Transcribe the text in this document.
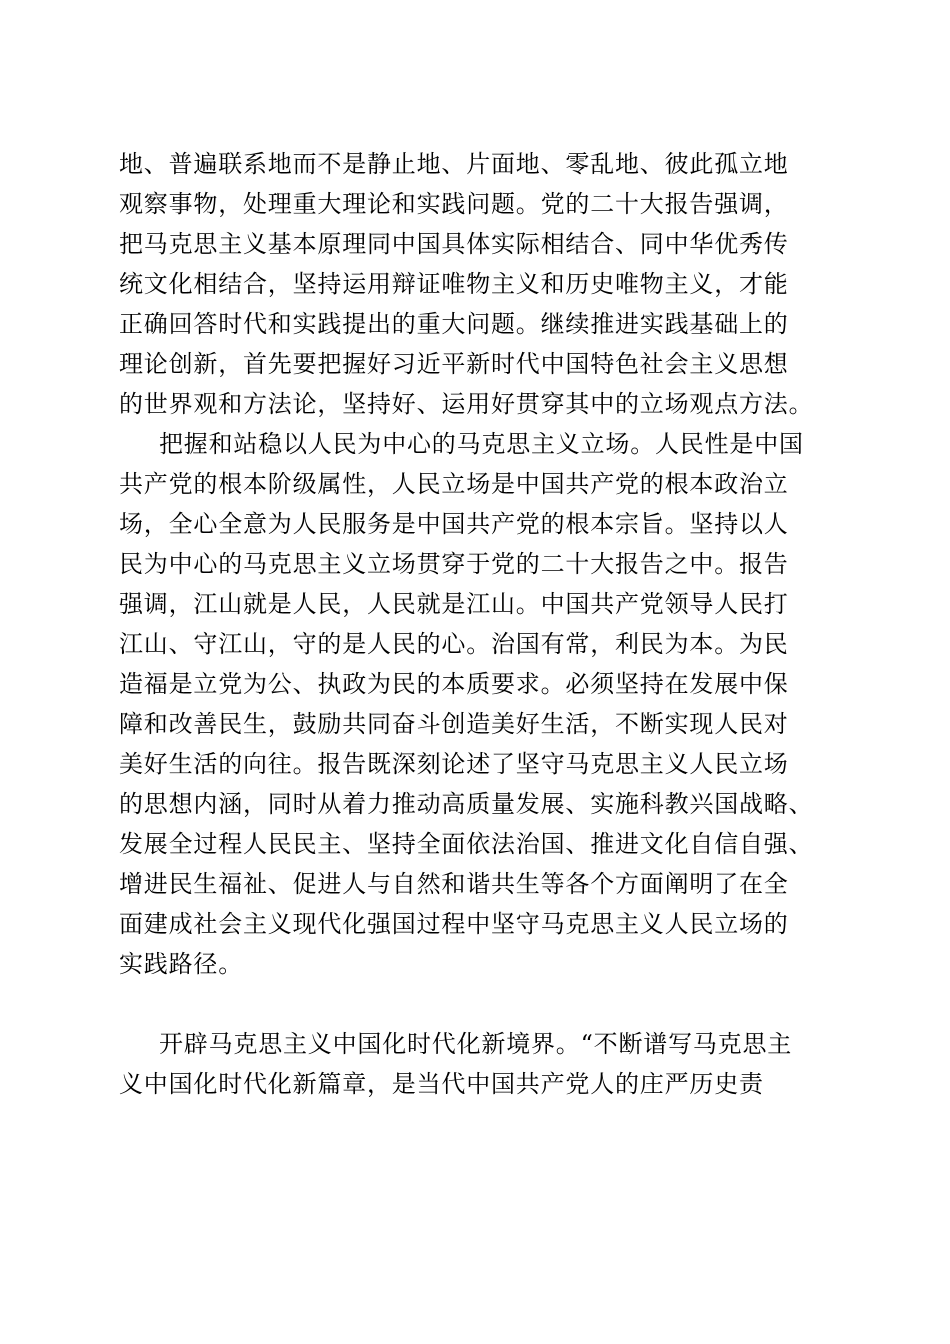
地、普遍联系地而不是静止地、片面地、零乱地、彼此孤立地
观察事物，处理重大理论和实践问题。党的二十大报告强调，
把马克思主义基本原理同中国具体实际相结合、同中华优秀传
统文化相结合，坚持运用辩证唯物主义和历史唯物主义，才能
正确回答时代和实践提出的重大问题。继续推进实践基础上的
理论创新，首先要把握好习近平新时代中国特色社会主义思想
的世界观和方法论，坚持好、运用好贯穿其中的立场观点方法。
把握和站稳以人民为中心的马克思主义立场。人民性是中国
共产党的根本阶级属性，人民立场是中国共产党的根本政治立
场，全心全意为人民服务是中国共产党的根本宗旨。坚持以人
民为中心的马克思主义立场贯穿于党的二十大报告之中。报告
强调，江山就是人民，人民就是江山。中国共产党领导人民打
江山、守江山，守的是人民的心。治国有常，利民为本。为民
造福是立党为公、执政为民的本质要求。必须坚持在发展中保
障和改善民生，鼓励共同奋斗创造美好生活，不断实现人民对
美好生活的向往。报告既深刻论述了坚守马克思主义人民立场
的思想内涵，同时从着力推动高质量发展、实施科教兴国战略、
发展全过程人民民主、坚持全面依法治国、推进文化自信自强、
增进民生福祉、促进人与自然和谐共生等各个方面阐明了在全
面建成社会主义现代化强国过程中坚守马克思主义人民立场的
实践路径。
开辟马克思主义中国化时代化新境界。“不断谱写马克思主
义中国化时代化新篇章，是当代中国共产党人的庄严历史责
